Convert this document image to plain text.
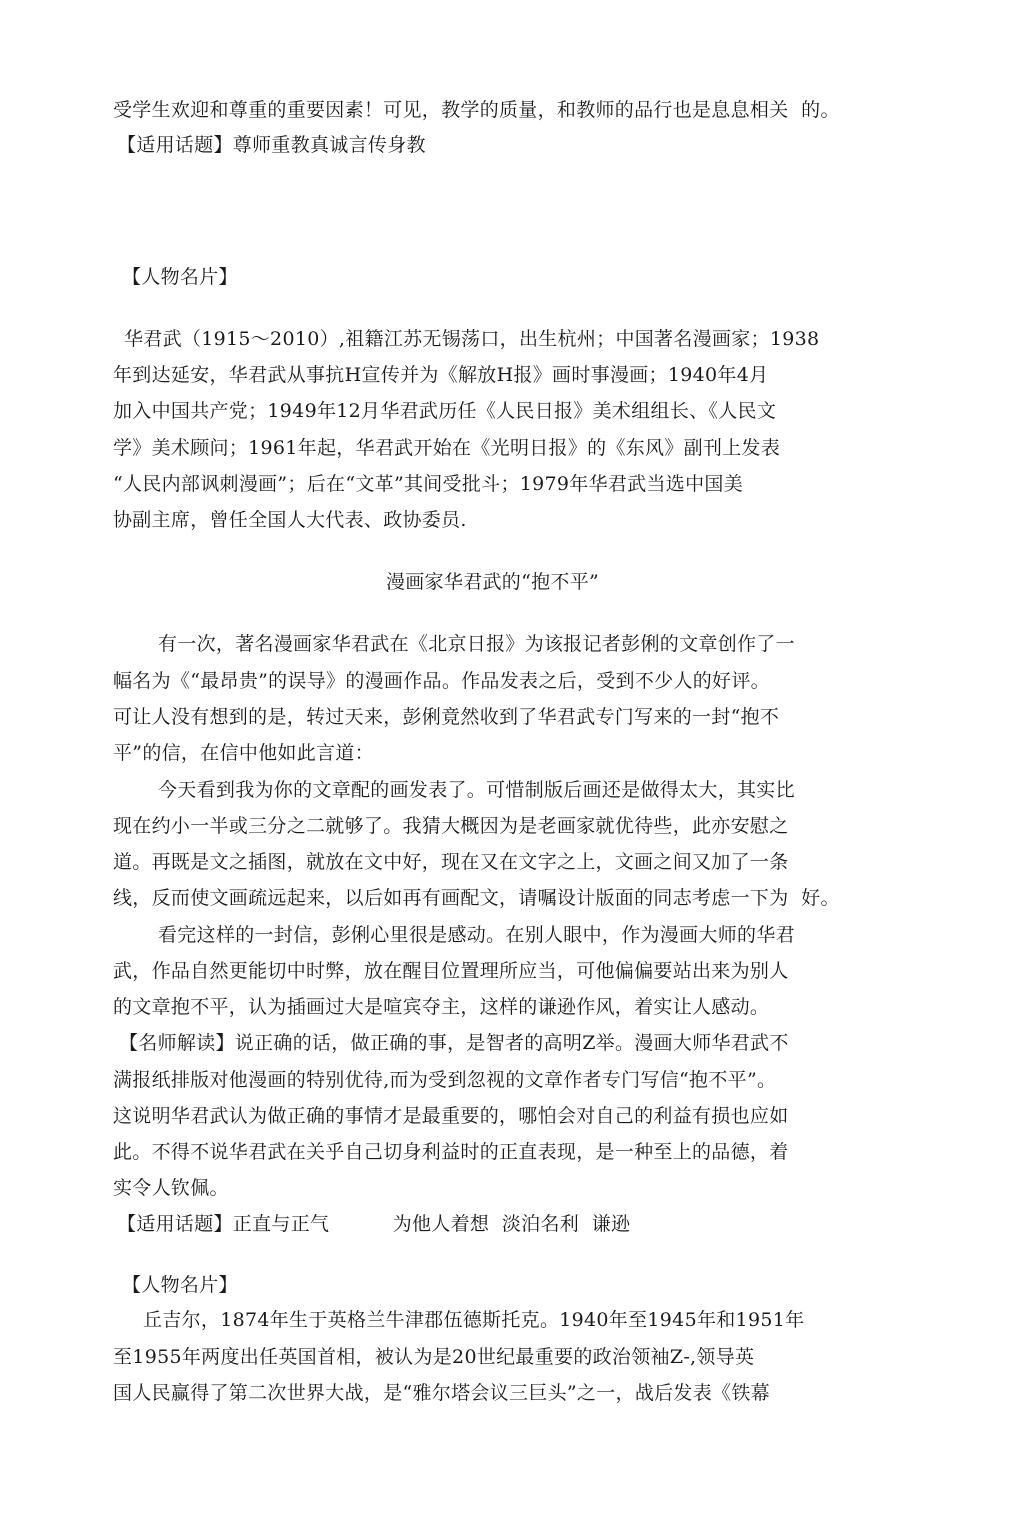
受学生欢迎和尊重的重要因素！可见，教学的质量，和教师的品行也是息息相关  的。
【适用话题】尊师重教真诚言传身教
【人物名片】
华君武（1915～2010）,祖籍江苏无锡荡口，出生杭州；中国著名漫画家；1938
年到达延安，华君武从事抗H宣传并为《解放H报》画时事漫画；1940年4月
加入中国共产党；1949年12月华君武历任《人民日报》美术组组长、《人民文
学》美术顾问；1961年起，华君武开始在《光明日报》的《东风》副刊上发表
“人民内部讽刺漫画”；后在“文革”其间受批斗；1979年华君武当选中国美
协副主席，曾任全国人大代表、政协委员.
漫画家华君武的“抱不平”
有一次，著名漫画家华君武在《北京日报》为该报记者彭俐的文章创作了一
幅名为《“最昂贵”的误导》的漫画作品。作品发表之后，受到不少人的好评。
可让人没有想到的是，转过天来，彭俐竟然收到了华君武专门写来的一封“抱不
平”的信，在信中他如此言道：
今天看到我为你的文章配的画发表了。可惜制版后画还是做得太大，其实比
现在约小一半或三分之二就够了。我猜大概因为是老画家就优待些，此亦安慰之
道。再既是文之插图，就放在文中好，现在又在文字之上，文画之间又加了一条
线，反而使文画疏远起来，以后如再有画配文，请嘱设计版面的同志考虑一下为  好。
看完这样的一封信，彭俐心里很是感动。在别人眼中，作为漫画大师的华君
武，作品自然更能切中时弊，放在醒目位置理所应当，可他偏偏要站出来为别人
的文章抱不平，认为插画过大是喧宾夺主，这样的谦逊作风，着实让人感动。
【名师解读】说正确的话，做正确的事，是智者的高明Z举。漫画大师华君武不
满报纸排版对他漫画的特别优待,而为受到忽视的文章作者专门写信“抱不平”。
这说明华君武认为做正确的事情才是最重要的，哪怕会对自己的利益有损也应如
此。不得不说华君武在关乎自己切身利益时的正直表现，是一种至上的品德，着
实令人钦佩。
【适用话题】正直与正气          为他人着想  淡泊名利  谦逊
【人物名片】
丘吉尔，1874年生于英格兰牛津郡伍德斯托克。1940年至1945年和1951年
至1955年两度出任英国首相，被认为是20世纪最重要的政治领袖Z-,领导英
国人民赢得了第二次世界大战，是“雅尔塔会议三巨头”之一，战后发表《铁幕
